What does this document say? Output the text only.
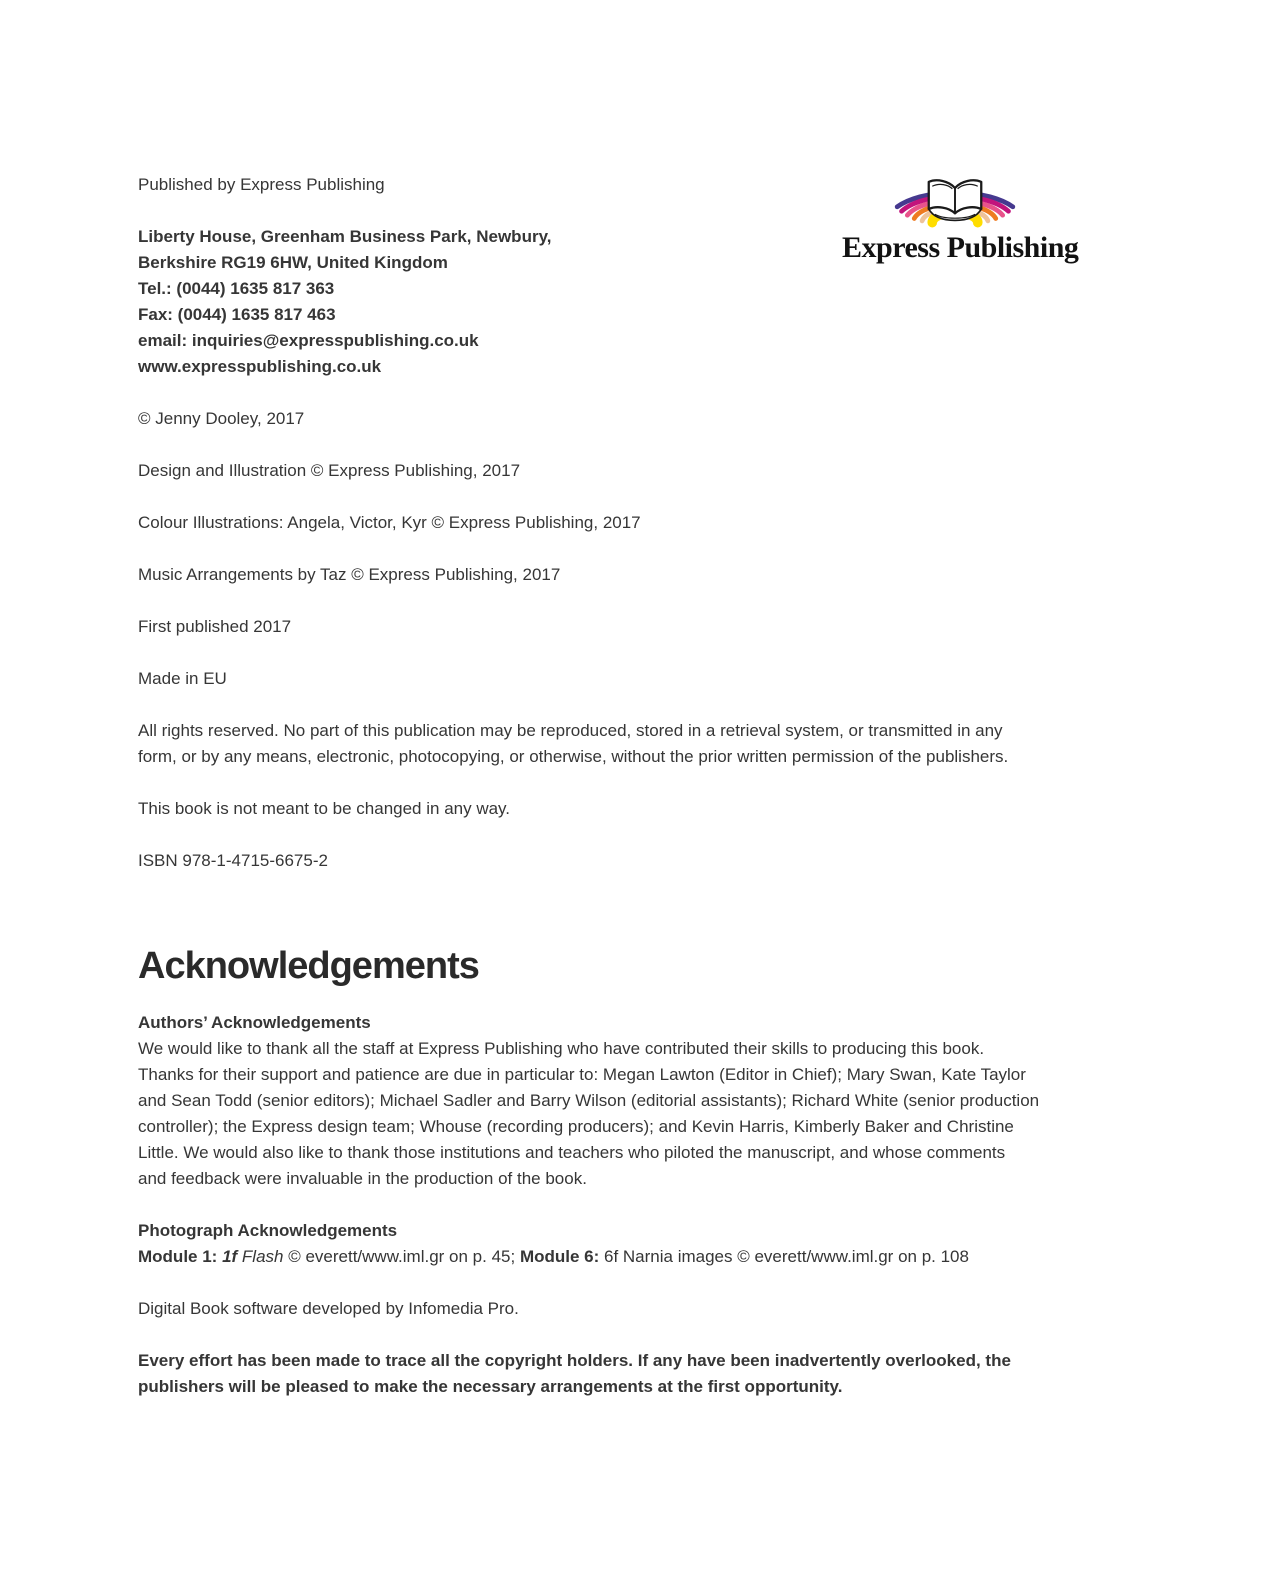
Express Publishing

Published by Express Publishing

Liberty House, Greenham Business Park, Newbury,
Berkshire RG19 6HW, United Kingdom
Tel.: (0044) 1635 817 363
Fax: (0044) 1635 817 463
email: inquiries@expresspublishing.co.uk
www.expresspublishing.co.uk

© Jenny Dooley, 2017

Design and Illustration © Express Publishing, 2017

Colour Illustrations: Angela, Victor, Kyr © Express Publishing, 2017

Music Arrangements by Taz © Express Publishing, 2017

First published 2017

Made in EU

All rights reserved. No part of this publication may be reproduced, stored in a retrieval system, or transmitted in any
form, or by any means, electronic, photocopying, or otherwise, without the prior written permission of the publishers.

This book is not meant to be changed in any way.

ISBN 978-1-4715-6675-2

Acknowledgements
Authors’ Acknowledgements
We would like to thank all the staff at Express Publishing who have contributed their skills to producing this book.
Thanks for their support and patience are due in particular to: Megan Lawton (Editor in Chief); Mary Swan, Kate Taylor
and Sean Todd (senior editors); Michael Sadler and Barry Wilson (editorial assistants); Richard White (senior production
controller); the Express design team; Whouse (recording producers); and Kevin Harris, Kimberly Baker and Christine
Little. We would also like to thank those institutions and teachers who piloted the manuscript, and whose comments
and feedback were invaluable in the production of the book.
Photograph Acknowledgements
Module 1: 1f Flash © everett/www.iml.gr on p. 45; Module 6: 6f Narnia images © everett/www.iml.gr on p. 108

Digital Book software developed by Infomedia Pro.

Every effort has been made to trace all the copyright holders. If any have been inadvertently overlooked, the
publishers will be pleased to make the necessary arrangements at the first opportunity.
